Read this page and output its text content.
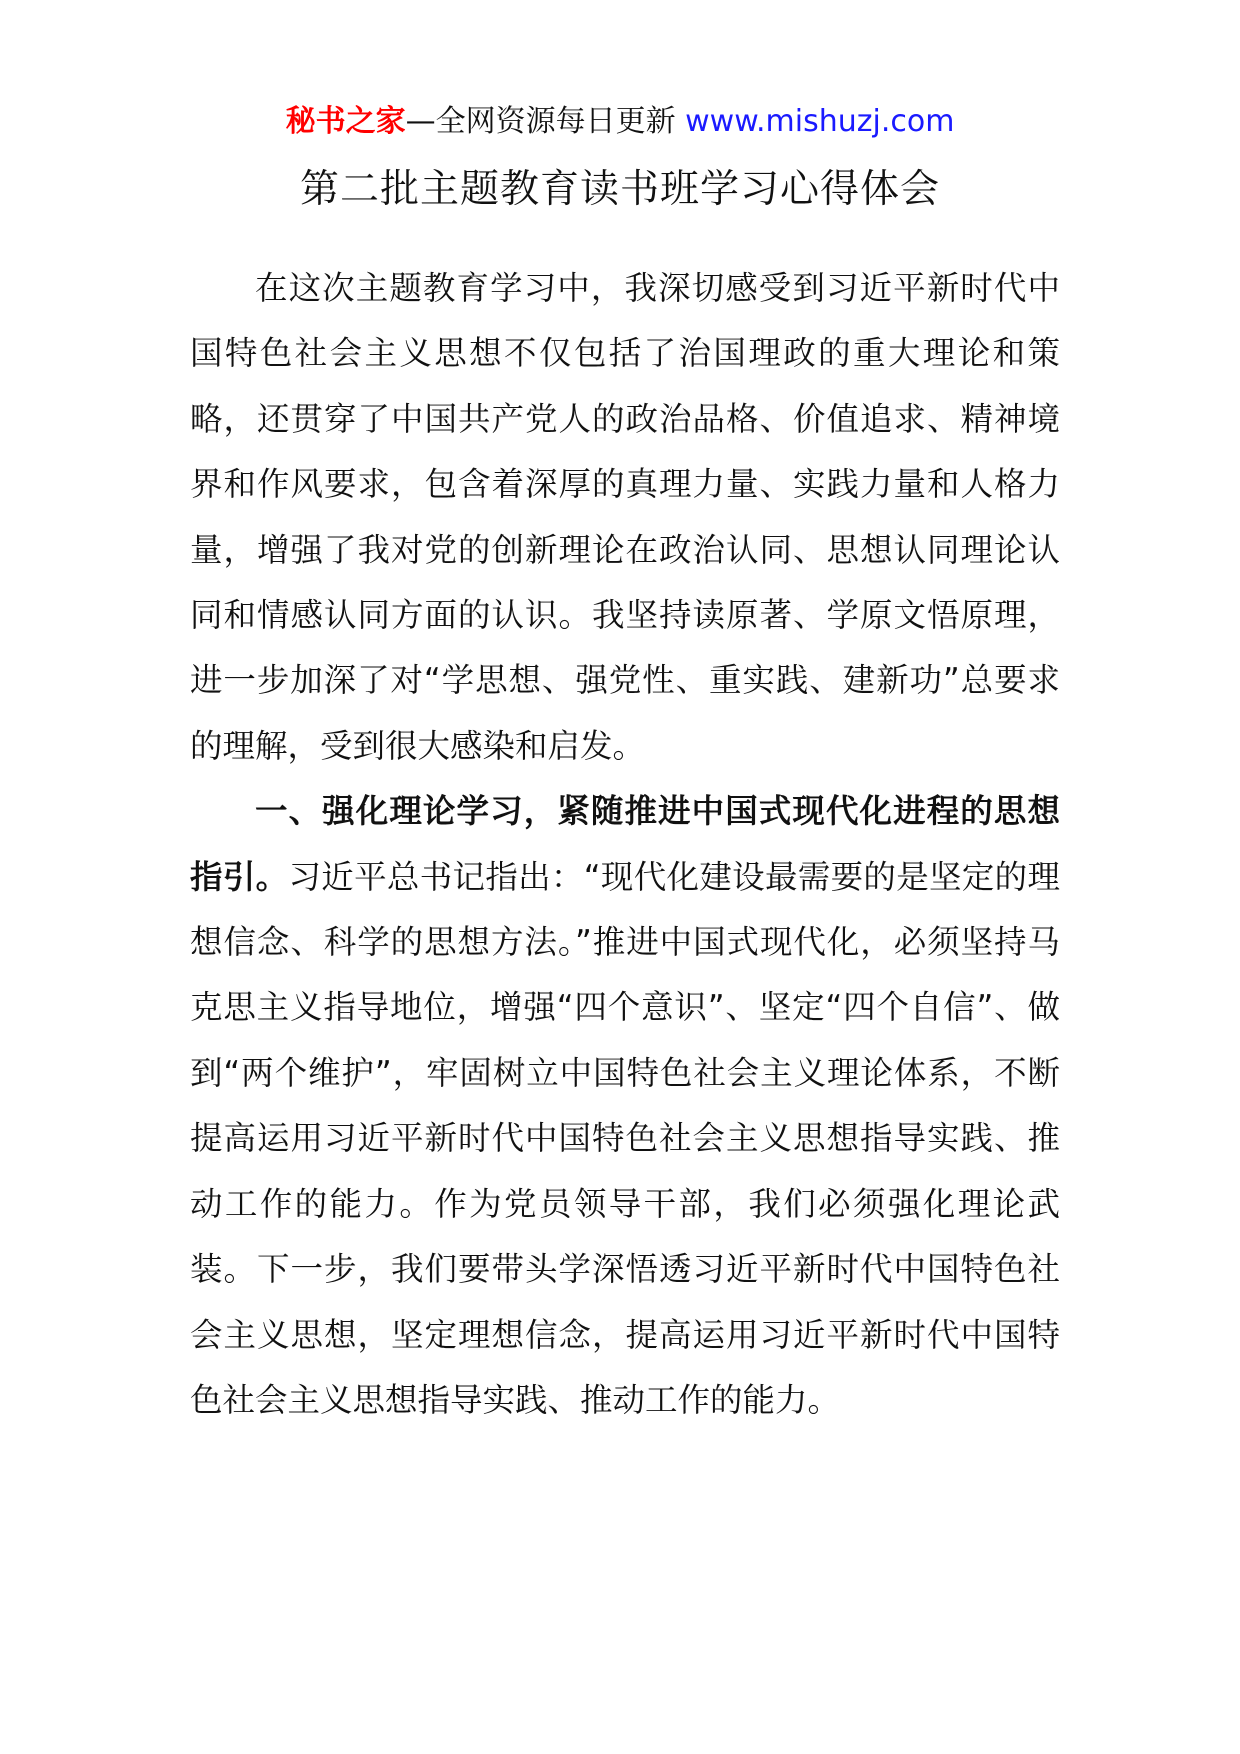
秘书之家—全网资源每日更新 www.mishuzj.com
第二批主题教育读书班学习心得体会

在这次主题教育学习中，我深切感受到习近平新时代中国特色社会主义思想不仅包括了治国理政的重大理论和策略，还贯穿了中国共产党人的政治品格、价值追求、精神境界和作风要求，包含着深厚的真理力量、实践力量和人格力量，增强了我对党的创新理论在政治认同、思想认同理论认同和情感认同方面的认识。我坚持读原著、学原文悟原理，进一步加深了对“学思想、强党性、重实践、建新功”总要求的理解，受到很大感染和启发。

一、强化理论学习，紧随推进中国式现代化进程的思想指引。习近平总书记指出：“现代化建设最需要的是坚定的理想信念、科学的思想方法。”推进中国式现代化，必须坚持马克思主义指导地位，增强“四个意识”、坚定“四个自信”、做到“两个维护”，牢固树立中国特色社会主义理论体系，不断提高运用习近平新时代中国特色社会主义思想指导实践、推动工作的能力。作为党员领导干部，我们必须强化理论武装。下一步，我们要带头学深悟透习近平新时代中国特色社会主义思想，坚定理想信念，提高运用习近平新时代中国特色社会主义思想指导实践、推动工作的能力。
